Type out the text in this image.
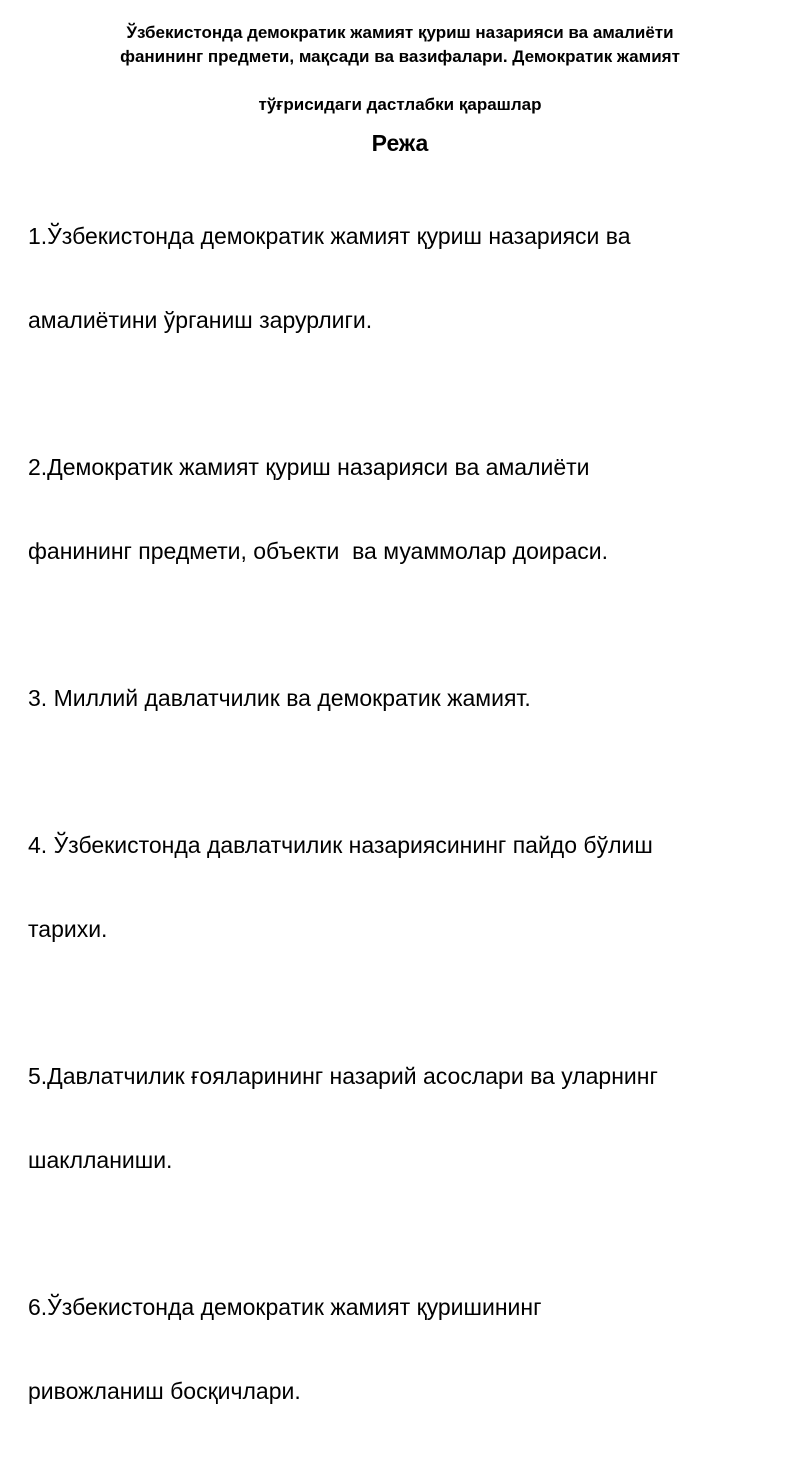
Ўзбекистонда демократик жамият қуриш назарияси ва амалиёти
фанининг предмети, мақсади ва вазифалари. Демократик жамият
тўғрисидаги дастлабки қарашлар
Режа

1.Ўзбекистонда демократик жамият қуриш назарияси ва

амалиётини ўрганиш зарурлиги.

2.Демократик жамият қуриш назарияси ва амалиёти

фанининг предмети, объекти  ва муаммолар доираси.

3. Миллий давлатчилик ва демократик жамият.

4. Ўзбекистонда давлатчилик назариясининг пайдо бўлиш

тарихи.

5.Давлатчилик ғояларининг назарий асослари ва уларнинг

шаклланиши.

6.Ўзбекистонда демократик жамият қуришининг

ривожланиш босқичлари.
